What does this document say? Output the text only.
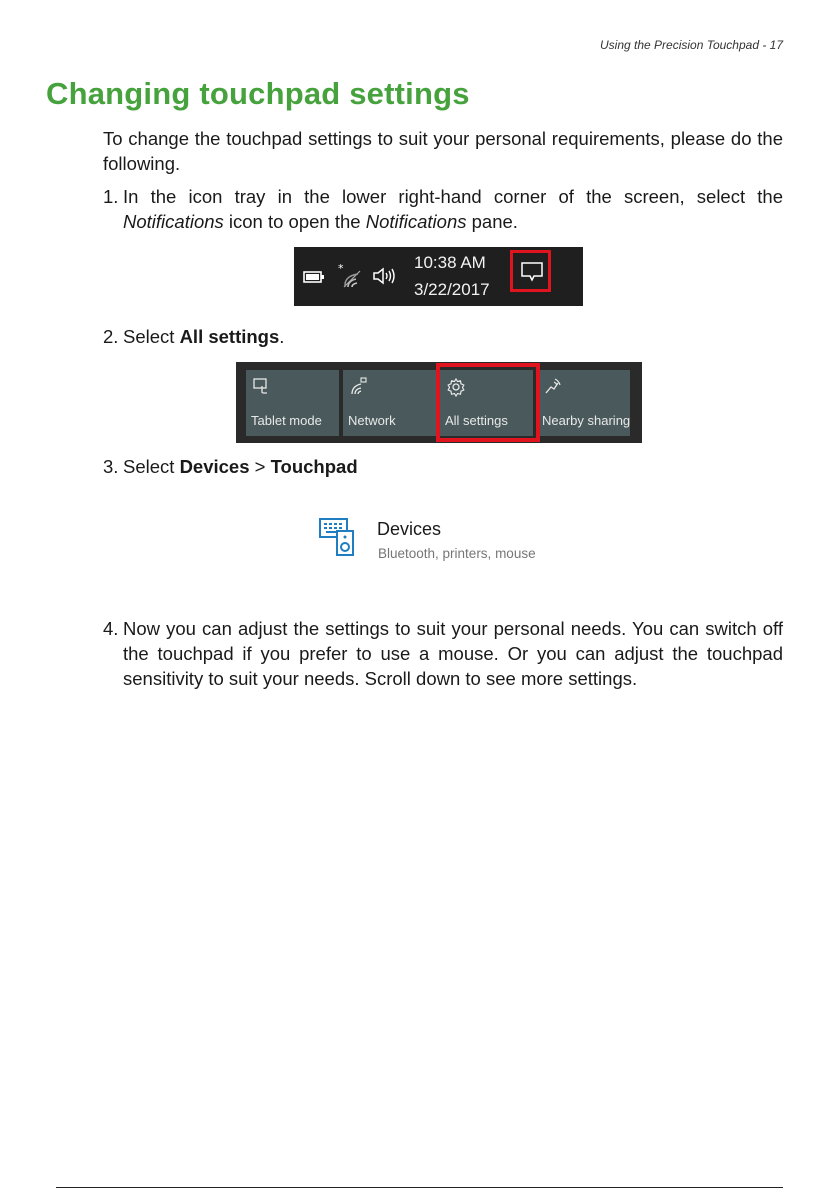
Using the Precision Touchpad - 17
Changing touchpad settings
To change the touchpad settings to suit your personal requirements, please do the following.
1. In the icon tray in the lower right-hand corner of the screen, select the Notifications icon to open the Notifications pane.
*	10:38 AM
3/22/2017
2. Select All settings.
Tablet mode Network	All settings	Nearby sharing
3. Select Devices > Touchpad
Devices
Bluetooth, printers, mouse
4. Now you can adjust the settings to suit your personal needs. You can switch off the touchpad if you prefer to use a mouse. Or you can adjust the touchpad sensitivity to suit your needs. Scroll down to see more settings.
